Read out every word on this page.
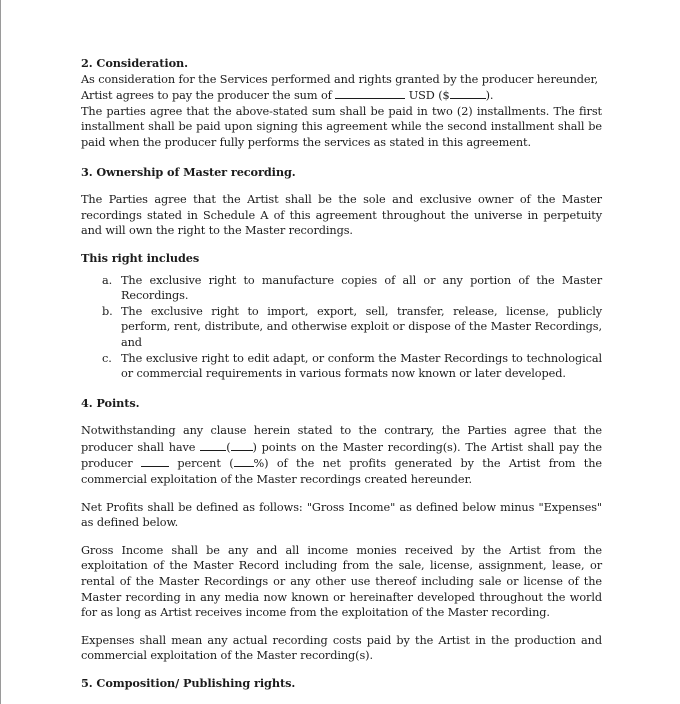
2. Consideration.

As consideration for the Services performed and rights granted by the producer hereunder,
Artist agrees to pay the producer the sum of	USD ($	).

The parties agree that the above-stated sum shall be paid in two (2) installments. The first installment shall be paid upon signing this agreement while the second installment shall be paid when the producer fully performs the services as stated in this agreement.

3. Ownership of Master recording.

The Parties agree that the Artist shall be the sole and exclusive owner of the Master recordings stated in Schedule A of this agreement throughout the universe in perpetuity and will own the right to the Master recordings.

This right includes

a. The exclusive right to manufacture copies of all or any portion of the Master Recordings.
b. The exclusive right to import, export, sell, transfer, release, license, publicly perform, rent, distribute, and otherwise exploit or dispose of the Master Recordings, and
c. The exclusive right to edit adapt, or conform the Master Recordings to technological or commercial requirements in various formats now known or later developed.

4. Points.

Notwithstanding any clause herein stated to the contrary, the Parties agree that the producer shall have ( ) points on the Master recording(s). The Artist shall pay the producer  percent ( %) of the net profits generated by the Artist from the commercial exploitation of the Master recordings created hereunder.

Net Profits shall be defined as follows: "Gross Income" as defined below minus "Expenses" as defined below.

Gross Income shall be any and all income monies received by the Artist from the exploitation of the Master Record including from the sale, license, assignment, lease, or rental of the Master Recordings or any other use thereof including sale or license of the Master recording in any media now known or hereinafter developed throughout the world for as long as Artist receives income from the exploitation of the Master recording.

Expenses shall mean any actual recording costs paid by the Artist in the production and commercial exploitation of the Master recording(s).

5. Composition/ Publishing rights.
